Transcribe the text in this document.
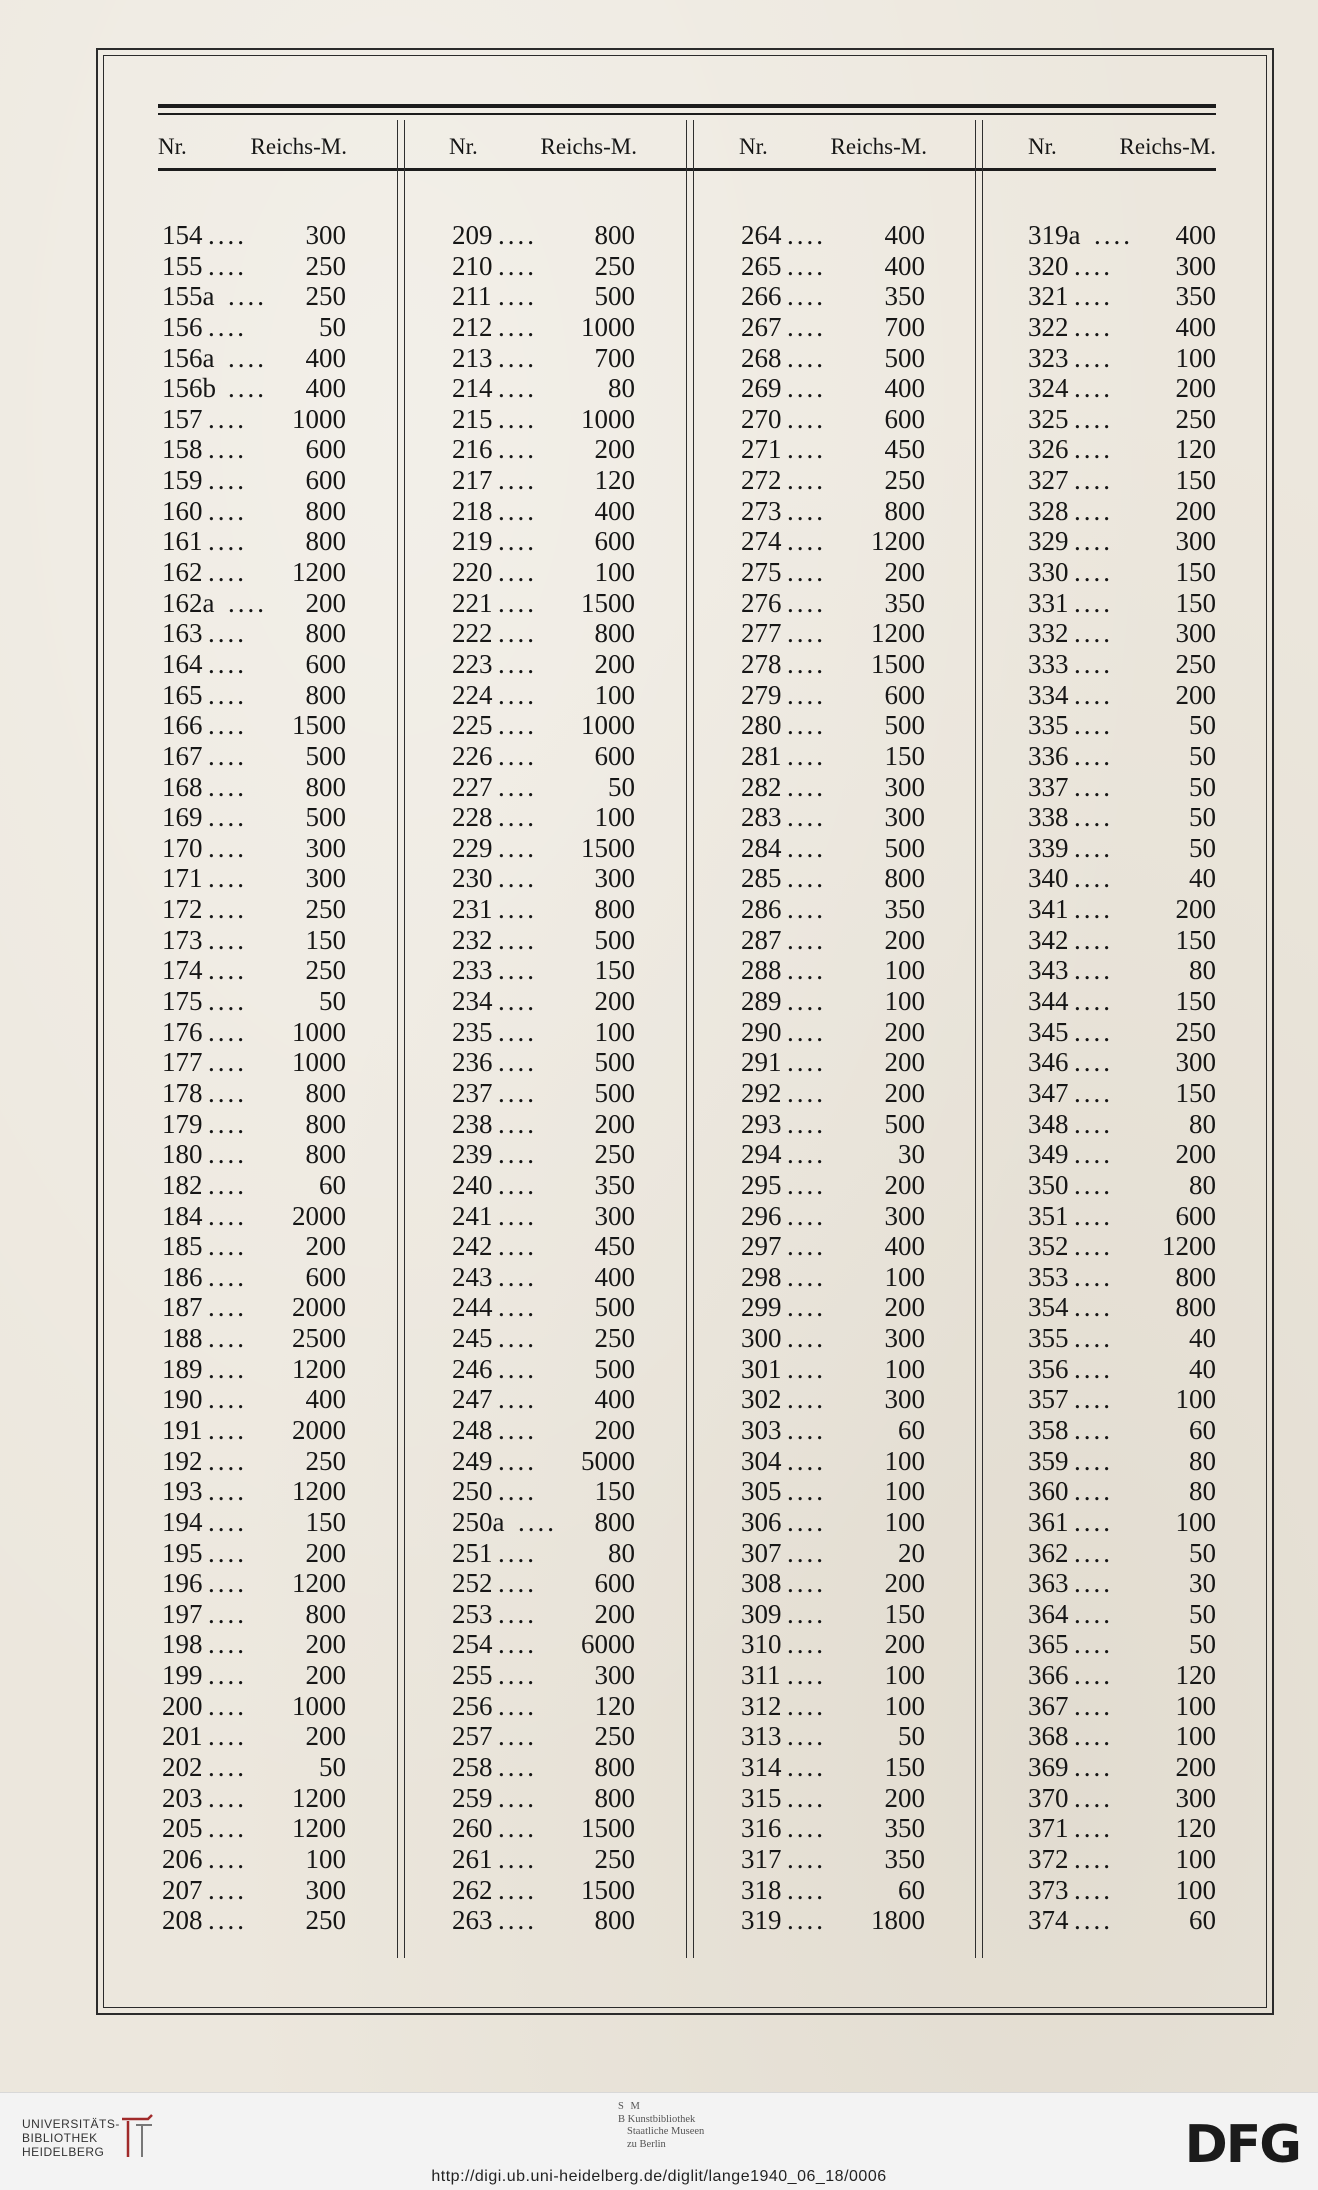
Nr.	Reichs-M.	Nr.	Reichs-M.	Nr.	Reichs-M.	Nr.	Reichs-M.
154 .... 300
155 .... 250
155a .... 250
156 ....	50
156a .... 400
156b .... 400
157 .... 1000
158 .... 600
159 .... 600
160 .... 800
161 .... 800
162 .... 1200
162a .... 200
163 .... 800
164 .... 600
165 .... 800
166 .... 1500
167 .... 500
168 .... 800
169 .... 500
170 .... 300
171 .... 300
172 .... 250
173 .... 150
174 .... 250
175 ....	50
176 .... 1000
177 .... 1000
178 .... 800
179 .... 800
180 .... 800
182 ....	60
184 .... 2000
185 .... 200
186 .... 600
187 .... 2000
188 .... 2500
189 .... 1200
190 .... 400
191 .... 2000
192 .... 250
193 .... 1200
194 .... 150
195 .... 200
196 .... 1200
197 .... 800
198 .... 200
199 .... 200
200 .... 1000
201 .... 200
202 ....	50
203 .... 1200
205 .... 1200
206 .... 100
207 .... 300
208 .... 250
209 .... 800
210 .... 250
211 .... 500
212 .... 1000
213 .... 700
214 ....	80
215 .... 1000
216 .... 200
217 .... 120
218 .... 400
219 .... 600
220 .... 100
221 .... 1500
222 .... 800
223 .... 200
224 .... 100
225 .... 1000
226 .... 600
227 ....	50
228 .... 100
229 .... 1500
230 .... 300
231 .... 800
232 .... 500
233 .... 150
234 .... 200
235 .... 100
236 .... 500
237 .... 500
238 .... 200
239 .... 250
240 .... 350
241 .... 300
242 .... 450
243 .... 400
244 .... 500
245 .... 250
246 .... 500
247 .... 400
248 .... 200
249 .... 5000
250 .... 150
250a .... 800
251 ....	80
252 .... 600
253 .... 200
254 .... 6000
255 .... 300
256 .... 120
257 .... 250
258 .... 800
259 .... 800
260 .... 1500
261 .... 250
262 .... 1500
263 .... 800
264 .... 400
265 .... 400
266 .... 350
267 .... 700
268 .... 500
269 .... 400
270 .... 600
271 .... 450
272 .... 250
273 .... 800
274 .... 1200
275 .... 200
276 .... 350
277 .... 1200
278 .... 1500
279 .... 600
280 .... 500
281 .... 150
282 .... 300
283 .... 300
284 .... 500
285 .... 800
286 .... 350
287 .... 200
288 .... 100
289 .... 100
290 .... 200
291 .... 200
292 .... 200
293 .... 500
294 ....	30
295 .... 200
296 .... 300
297 .... 400
298 .... 100
299 .... 200
300 .... 300
301 .... 100
302 .... 300
303 ....	60
304 .... 100
305 .... 100
306 .... 100
307 ....	20
308 .... 200
309 .... 150
310 .... 200
311 .... 100
312 .... 100
313 ....	50
314 .... 150
315 .... 200
316 .... 350
317 .... 350
318 ....	60
319 .... 1800
319a .... 400
320 .... 300
321 .... 350
322 .... 400
323 .... 100
324 .... 200
325 .... 250
326 .... 120
327 .... 150
328 .... 200
329 .... 300
330 .... 150
331 .... 150
332 .... 300
333 .... 250
334 .... 200
335 ....	50
336 ....	50
337 ....	50
338 ....	50
339 ....	50
340 ....	40
341 .... 200
342 .... 150
343 ....	80
344 .... 150
345 .... 250
346 .... 300
347 .... 150
348 ....	80
349 .... 200
350 ....	80
351 .... 600
352 .... 1200
353 .... 800
354 .... 800
355 ....	40
356 ....	40
357 .... 100
358 ....	60
359 ....	80
360 ....	80
361 .... 100
362 ....	50
363 ....	30
364 ....	50
365 ....	50
366 .... 120
367 .... 100
368 .... 100
369 .... 200
370 .... 300
371 .... 120
372 .... 100
373 .... 100
374 ....	60
UNIVERSITÄTS-
BIBLIOTHEK
HEIDELBERG
S M
B Kunstbibliothek
Staatliche Museen
zu Berlin	DFG
http://digi.ub.uni-heidelberg.de/diglit/lange1940_06_18/0006
